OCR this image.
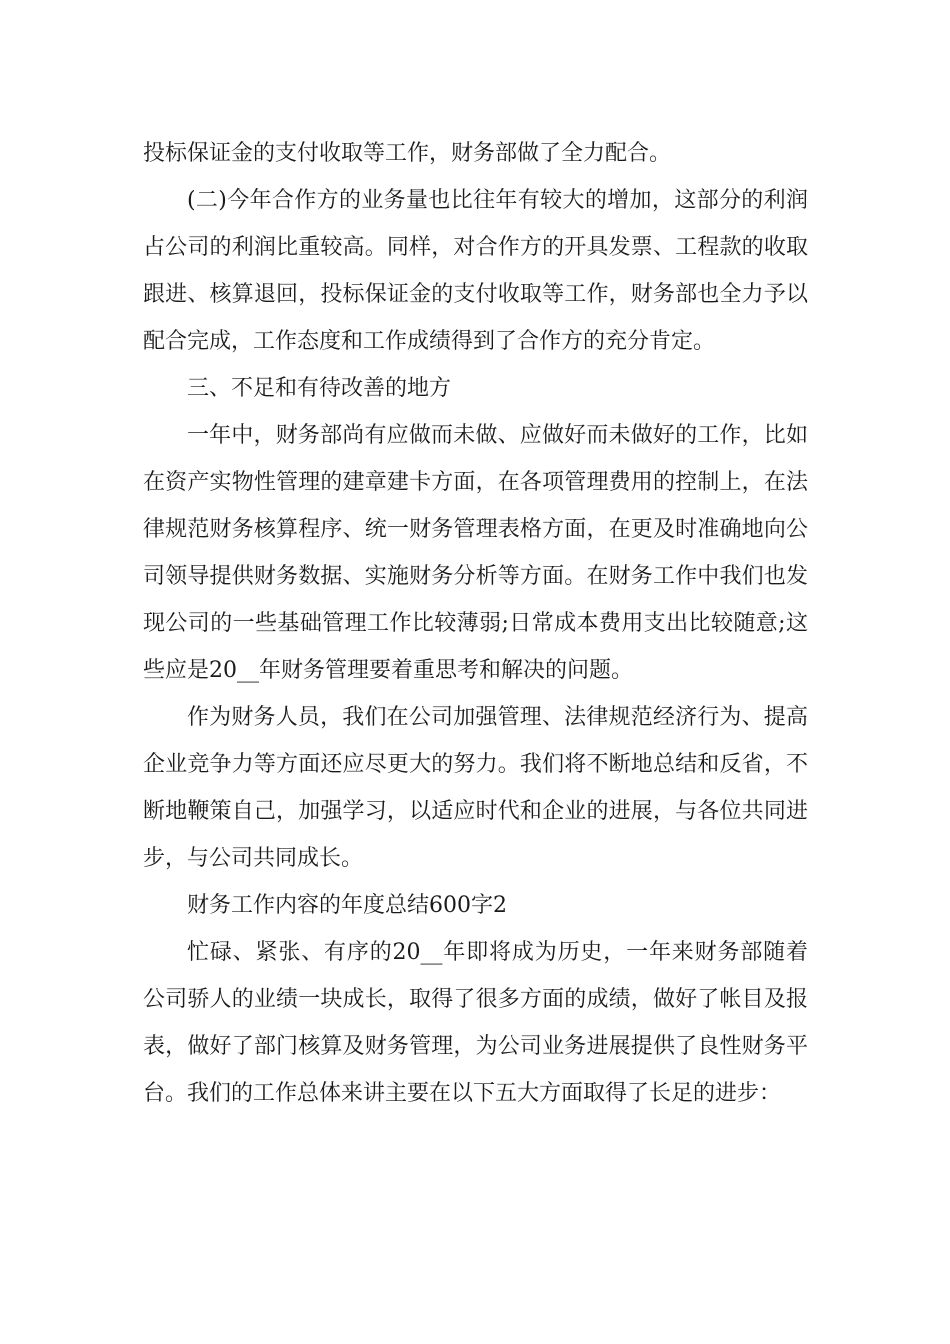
投标保证金的支付收取等工作，财务部做了全力配合。

(二)今年合作方的业务量也比往年有较大的增加，这部分的利润占公司的利润比重较高。同样，对合作方的开具发票、工程款的收取跟进、核算退回，投标保证金的支付收取等工作，财务部也全力予以配合完成，工作态度和工作成绩得到了合作方的充分肯定。

三、不足和有待改善的地方

一年中，财务部尚有应做而未做、应做好而未做好的工作，比如在资产实物性管理的建章建卡方面，在各项管理费用的控制上，在法律规范财务核算程序、统一财务管理表格方面，在更及时准确地向公司领导提供财务数据、实施财务分析等方面。在财务工作中我们也发现公司的一些基础管理工作比较薄弱;日常成本费用支出比较随意;这些应是20__年财务管理要着重思考和解决的问题。

作为财务人员，我们在公司加强管理、法律规范经济行为、提高企业竞争力等方面还应尽更大的努力。我们将不断地总结和反省，不断地鞭策自己，加强学习，以适应时代和企业的进展，与各位共同进步，与公司共同成长。

财务工作内容的年度总结600字2

忙碌、紧张、有序的20__年即将成为历史，一年来财务部随着公司骄人的业绩一块成长，取得了很多方面的成绩，做好了帐目及报表，做好了部门核算及财务管理，为公司业务进展提供了良性财务平台。我们的工作总体来讲主要在以下五大方面取得了长足的进步：
